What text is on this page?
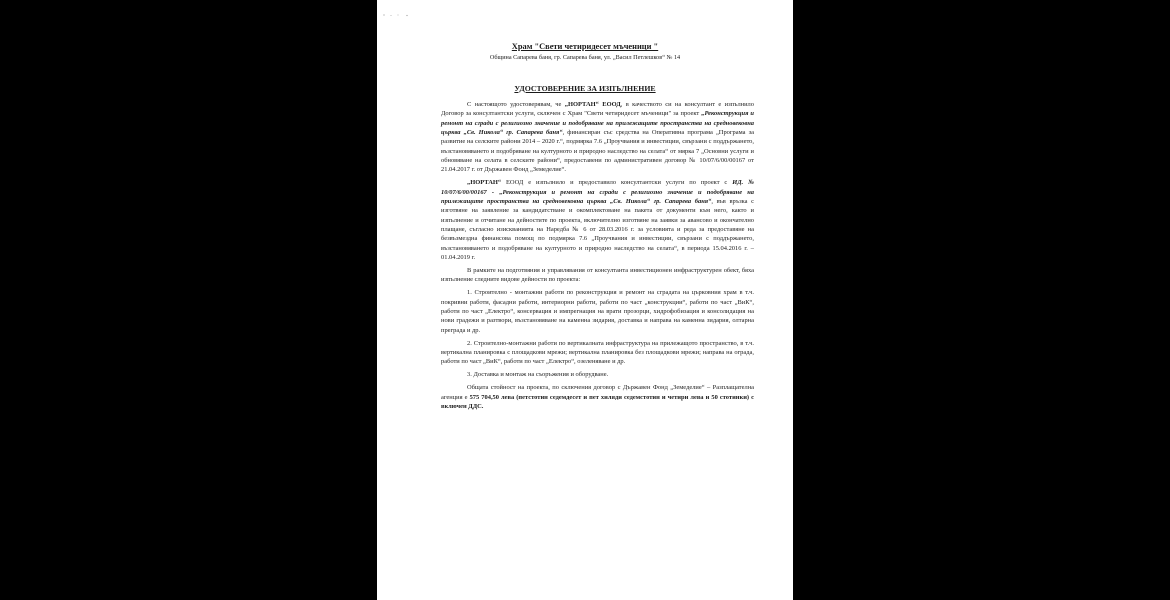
Храм "Свети четиридесет мъченици "
Община Сапарева баня, гр. Сапарева баня, ул. „Васил Петлешков“ № 14
УДОСТОВЕРЕНИЕ ЗА ИЗПЪЛНЕНИЕ

С настоящото удостоверявам, че „НОРТАН“ ЕООД, в качеството си на консултант е изпълнило Договор за консултантски услуги, сключен с Храм "Свети четиридесет мъченици" за проект „Реконструкция и ремонт на сгради с религиозно значение и подобряване на прилежащите пространства на средновековна църква „Св. Никола“ гр. Сапарева баня“, финансиран със средства на Оперативна програма „Програма за развитие на селските райони 2014 – 2020 г.“, подмярка 7.6 „Проучвания и инвестиции, свързани с поддържането, възстановяването и подобряване на културното и природно наследство на селата“ от мярка 7 „Основни услуги и обновяване на селата в селските райони“, предоставени по административен договор № 10/07/6/00/00167 от 21.04.2017 г. от Държавен Фонд „Земеделие“.

„НОРТАН“ ЕООД е изпълнило и предоставило консултантски услуги по проект с ИД. № 10/07/6/00/00167 - „Реконструкция и ремонт на сгради с религиозно значение и подобряване на прилежащите пространства на средновековна църква „Св. Никола“ гр. Сапарева баня“, във връзка с изготвяне на заявление за кандидатстване и окомплектоване на пакета от документи към него, както и изпълнение и отчитане на дейностите по проекта, включително изготвяне на заявки за авансово и окончателно плащане, съгласно изискванията на Наредба № 6 от 28.03.2016 г. за условията и реда за предоставяне на безвъзмездна финансова помощ по подмярка 7.6 „Проучвания и инвестиции, свързани с поддържането, възстановяването и подобряване на културното и природно наследство на селата“, в периода 15.04.2016 г. – 01.04.2019 г.

В рамките на подготвяния и управлявания от консултанта инвестиционен инфраструктурен обект, бяха изпълнение следните видове дейности по проекта:

1. Строително - монтажни работи по реконструкция и ремонт на сградата на църковния храм в т.ч. покривни работи, фасадни работи, интериорни работи, работи по част „конструкции“, работи по част „ВиК“, работи по част „Електро“, консервация и импрегнация на врати прозорци, хидрофобизация и консолидация на нови градежи и разтвори, възстановяване на каменна зидария, доставка и направа на каменна зидария, олтарна преграда и др.

2. Строително-монтажни работи по вертикалната инфраструктура на прилежащото пространство, в т.ч. вертикална планировка с площадкови мрежи; вертикална планировка без площадкови мрежи; направа на ограда, работи по част „ВиК“, работи по част „Електро“, озеленяване и др.

3. Доставка и монтаж на съоръжения и оборудване.

Общата стойност на проекта, по сключения договор с Държавен Фонд „Земеделие“ – Разплащателна агенция е 575 704,50 лева (петстотин седемдесет и пет хиляди седемстотин и четири лева и 50 стотинки) с включен ДДС.
